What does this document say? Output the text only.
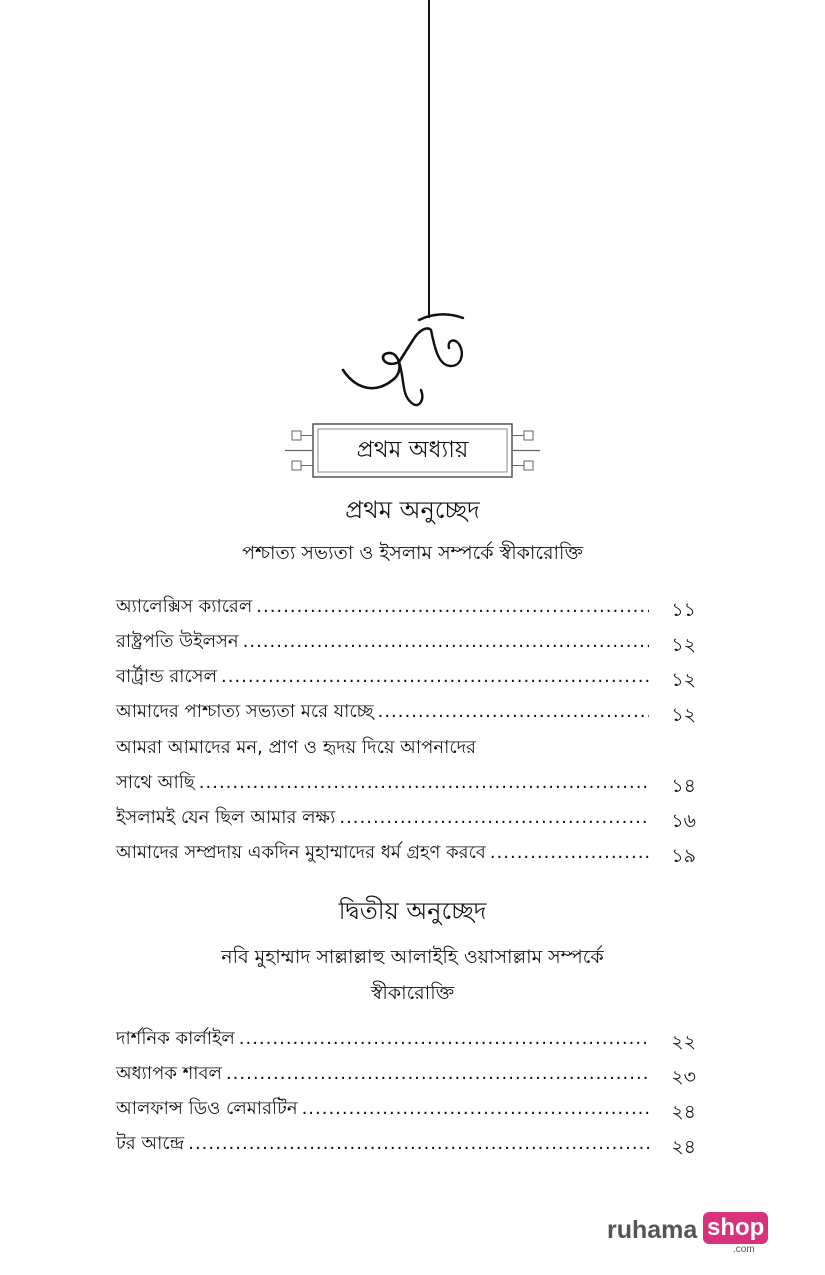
প্রথম অধ্যায়
প্রথম অনুচ্ছেদ
পশ্চাত্য সভ্যতা ও ইসলাম সম্পর্কে স্বীকারোক্তি
অ্যালেক্সিস ক্যারেল .....	১১
রাষ্ট্রপতি উইলসন .....	১২
বার্ট্রান্ড রাসেল .....	১২
আমাদের পাশ্চাত্য সভ্যতা মরে যাচ্ছে .....	১২
আমরা আমাদের মন, প্রাণ ও হৃদয় দিয়ে আপনাদের
সাথে আছি .....	১৪
ইসলামই যেন ছিল আমার লক্ষ্য .....	১৬
আমাদের সম্প্রদায় একদিন মুহাম্মাদের ধর্ম গ্রহণ করবে .....	১৯
দ্বিতীয় অনুচ্ছেদ
নবি মুহাম্মাদ সাল্লাল্লাহু আলাইহি ওয়াসাল্লাম সম্পর্কে
স্বীকারোক্তি
দার্শনিক কার্লাইল .....	২২
অধ্যাপক শাবল .....	২৩
আলফান্স ডিও লেমারটিন .....	২৪
টর আন্দ্রে .....	২৪
ruhama shop
.com
